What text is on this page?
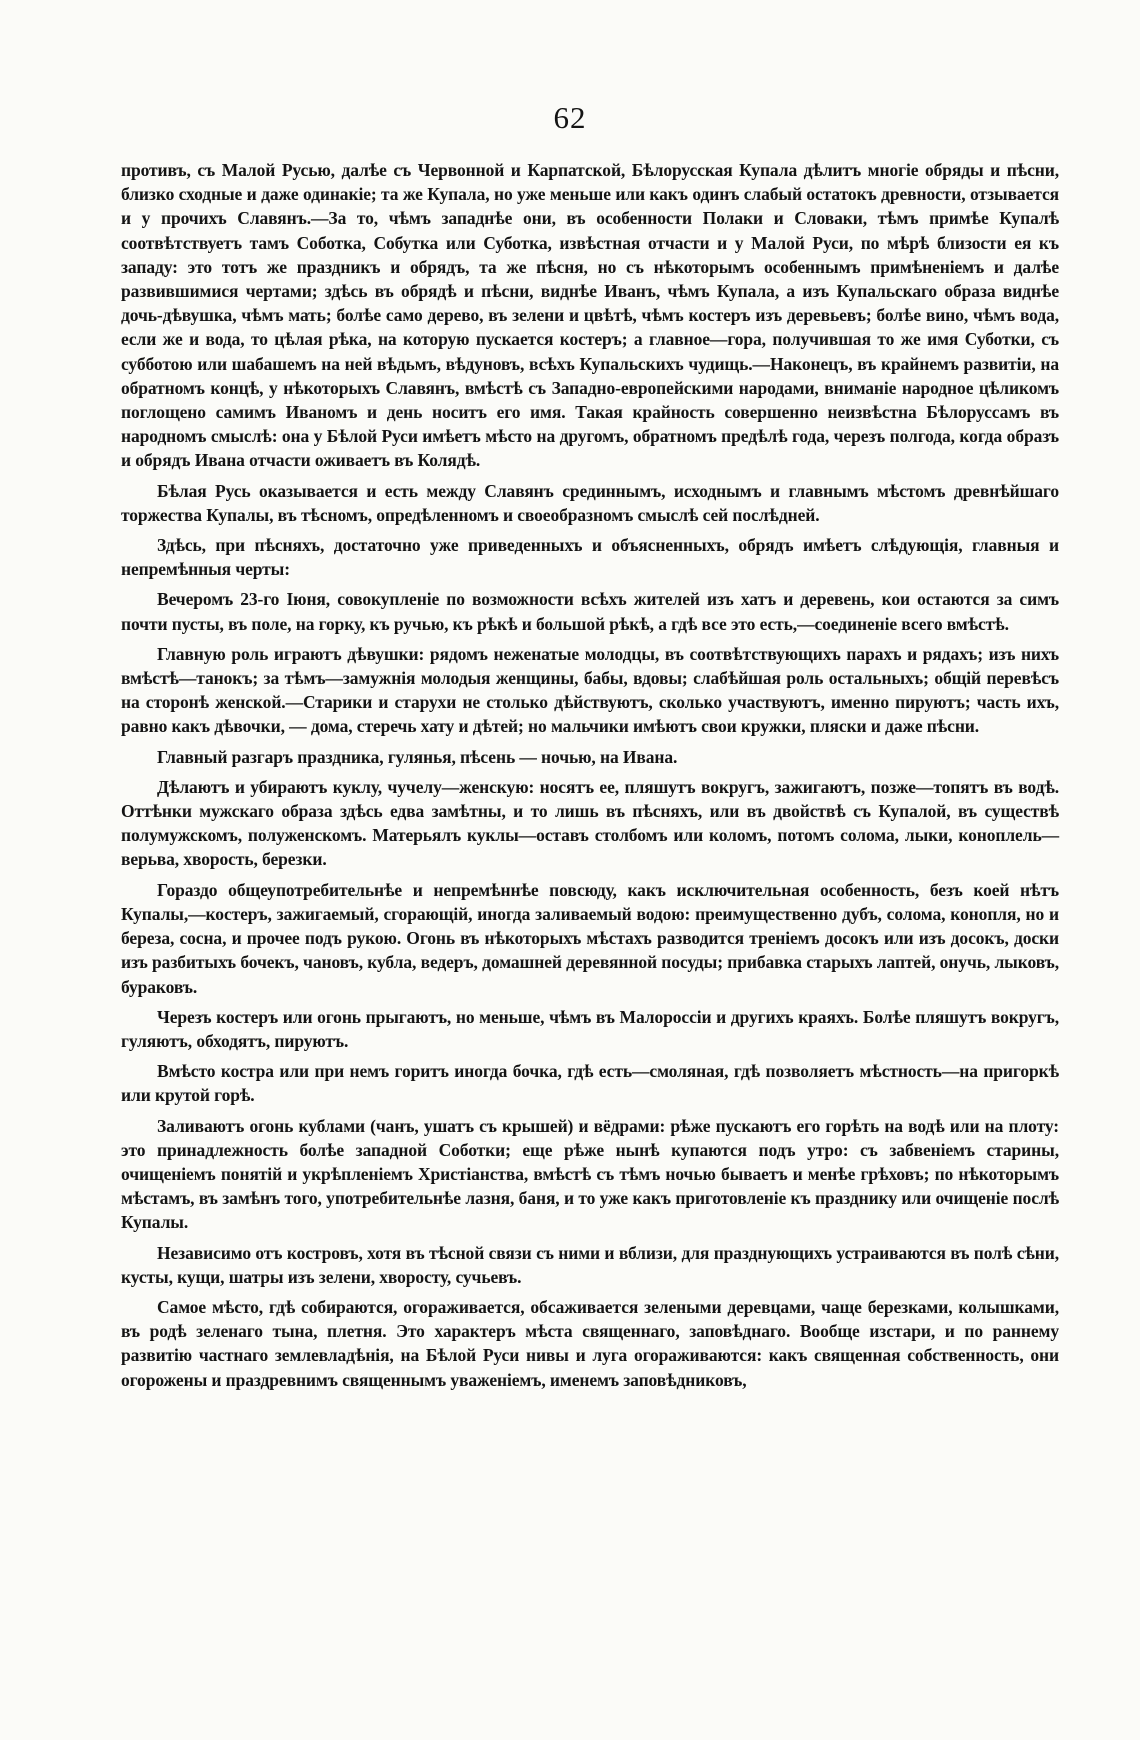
62

противъ, съ Малой Русью, далѣе съ Червонной и Карпатской, Бѣлорусская Купала дѣлитъ многіе обряды и пѣсни, близко сходные и даже одинакіе; та же Купала, но уже меньше или какъ одинъ слабый остатокъ древности, отзывается и у прочихъ Славянъ.—За то, чѣмъ западнѣе они, въ особенности Полаки и Словаки, тѣмъ примѣе Купалѣ соотвѣтствуетъ тамъ Соботка, Собутка или Суботка, извѣстная отчасти и у Малой Руси, по мѣрѣ близости ея къ западу: это тотъ же праздникъ и обрядъ, та же пѣсня, но съ нѣкоторымъ особеннымъ примѣненіемъ и далѣе развившимися чертами; здѣсь въ обрядѣ и пѣсни, виднѣе Иванъ, чѣмъ Купала, а изъ Купальскаго образа виднѣе дочь-дѣвушка, чѣмъ мать; болѣе само дерево, въ зелени и цвѣтѣ, чѣмъ костеръ изъ деревьевъ; болѣе вино, чѣмъ вода, если же и вода, то цѣлая рѣка, на которую пускается костеръ; а главное—гора, получившая то же имя Суботки, съ субботою или шабашемъ на ней вѣдьмъ, вѣдуновъ, всѣхъ Купальскихъ чудищь.—Наконецъ, въ крайнемъ развитіи, на обратномъ концѣ, у нѣкоторыхъ Славянъ, вмѣстѣ съ Западно-европейскими народами, вниманіе народное цѣликомъ поглощено самимъ Иваномъ и день носитъ его имя. Такая крайность совершенно неизвѣстна Бѣлоруссамъ въ народномъ смыслѣ: она у Бѣлой Руси имѣетъ мѣсто на другомъ, обратномъ предѣлѣ года, черезъ полгода, когда образъ и обрядъ Ивана отчасти оживаетъ въ Колядѣ.

Бѣлая Русь оказывается и есть между Славянъ срединнымъ, исходнымъ и главнымъ мѣстомъ древнѣйшаго торжества Купалы, въ тѣсномъ, опредѣленномъ и своеобразномъ смыслѣ сей послѣдней.

Здѣсь, при пѣсняхъ, достаточно уже приведенныхъ и объясненныхъ, обрядъ имѣетъ слѣдующія, главныя и непремѣнныя черты:

Вечеромъ 23-го Іюня, совокупленіе по возможности всѣхъ жителей изъ хатъ и деревень, кои остаются за симъ почти пусты, въ поле, на горку, къ ручью, къ рѣкѣ и большой рѣкѣ, а гдѣ все это есть,—соединеніе всего вмѣстѣ.

Главную роль играютъ дѣвушки: рядомъ неженатые молодцы, въ соотвѣтствующихъ парахъ и рядахъ; изъ нихъ вмѣстѣ—танокъ; за тѣмъ—замужнія молодыя женщины, бабы, вдовы; слабѣйшая роль остальныхъ; общій перевѣсъ на сторонѣ женской.—Старики и старухи не столько дѣйствуютъ, сколько участвуютъ, именно пируютъ; часть ихъ, равно какъ дѣвочки, — дома, стеречь хату и дѣтей; но мальчики имѣютъ свои кружки, пляски и даже пѣсни.

Главный разгаръ праздника, гулянья, пѣсень — ночью, на Ивана.

Дѣлаютъ и убираютъ куклу, чучелу—женскую: носятъ ее, пляшутъ вокругъ, зажигаютъ, позже—топятъ въ водѣ. Оттѣнки мужскаго образа здѣсь едва замѣтны, и то лишь въ пѣсняхъ, или въ двойствѣ съ Купалой, въ существѣ полумужскомъ, полуженскомъ. Матерьялъ куклы—оставъ столбомъ или коломъ, потомъ солома, лыки, коноплель—верьва, хворость, березки.

Гораздо общеупотребительнѣе и непремѣннѣе повсюду, какъ исключительная особенность, безъ коей нѣтъ Купалы,—костеръ, зажигаемый, сгорающій, иногда заливаемый водою: преимущественно дубъ, солома, конопля, но и береза, сосна, и прочее подъ рукою. Огонь въ нѣкоторыхъ мѣстахъ разводится треніемъ досокъ или изъ досокъ, доски изъ разбитыхъ бочекъ, чановъ, кубла, ведеръ, домашней деревянной посуды; прибавка старыхъ лаптей, онучь, лыковъ, бураковъ.

Черезъ костеръ или огонь прыгаютъ, но меньше, чѣмъ въ Малороссіи и другихъ краяхъ. Болѣе пляшутъ вокругъ, гуляютъ, обходятъ, пируютъ.

Вмѣсто костра или при немъ горитъ иногда бочка, гдѣ есть—смоляная, гдѣ позволяетъ мѣстность—на пригоркѣ или крутой горѣ.

Заливаютъ огонь кублами (чанъ, ушатъ съ крышей) и вёдрами: рѣже пускаютъ его горѣть на водѣ или на плоту: это принадлежность болѣе западной Соботки; еще рѣже нынѣ купаются подъ утро: съ забвеніемъ старины, очищеніемъ понятій и укрѣпленіемъ Христіанства, вмѣстѣ съ тѣмъ ночью бываетъ и менѣе грѣховъ; по нѣкоторымъ мѣстамъ, въ замѣнъ того, употребительнѣе лазня, баня, и то уже какъ приготовленіе къ празднику или очищеніе послѣ Купалы.

Независимо отъ костровъ, хотя въ тѣсной связи съ ними и вблизи, для празднующихъ устраиваются въ полѣ сѣни, кусты, кущи, шатры изъ зелени, хворосту, сучьевъ.

Самое мѣсто, гдѣ собираются, огораживается, обсаживается зелеными деревцами, чаще березками, колышками, въ родѣ зеленаго тына, плетня. Это характеръ мѣста священнаго, заповѣднаго. Вообще изстари, и по раннему развитію частнаго землевладѣнія, на Бѣлой Руси нивы и луга огораживаются: какъ священная собственность, они огорожены и праздревнимъ священнымъ уваженіемъ, именемъ заповѣдниковъ,
